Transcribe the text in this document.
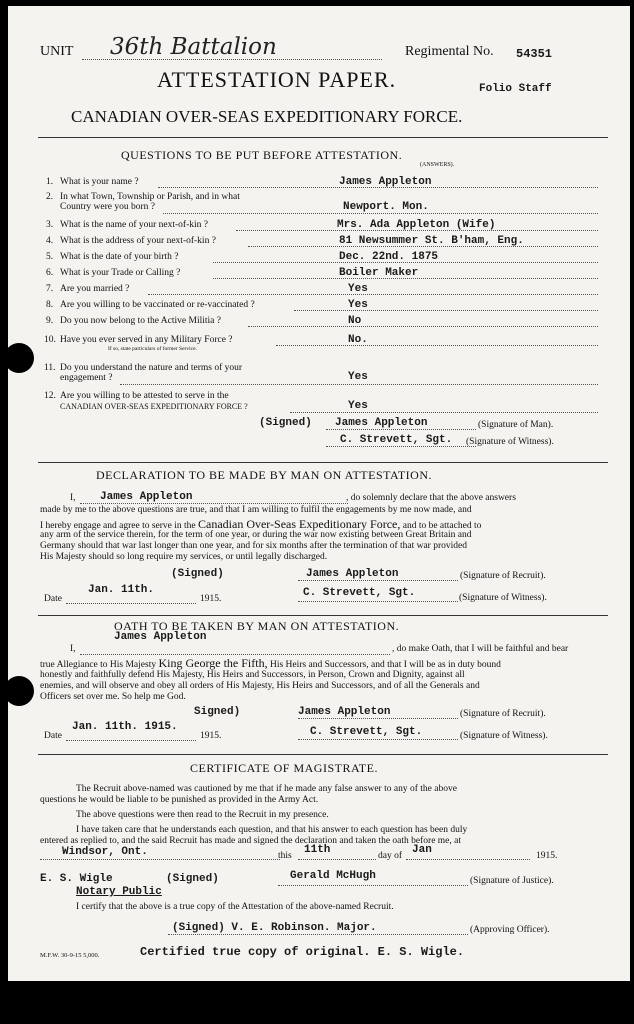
UNIT 36th Battalion	Regimental No. 54351
ATTESTATION PAPER.	Folio Staff
CANADIAN OVER-SEAS EXPEDITIONARY FORCE.
QUESTIONS TO BE PUT BEFORE ATTESTATION.
(ANSWERS).
1. What is your name ?	James Appleton
2. In what Town, Township or Parish, and in what
Country were you born ?	Newport. Mon.
3. What is the name of your next-of-kin ?	Mrs. Ada Appleton (Wife)
4. What is the address of your next-of-kin ?	81 Newsummer St. B'ham, Eng.
5. What is the date of your birth ?	Dec. 22nd. 1875
6. What is your Trade or Calling ?	Boiler Maker
7. Are you married ?	Yes
8. Are you willing to be vaccinated or re-vaccinated ?	Yes
9. Do you now belong to the Active Militia ?	No
10. Have you ever served in any Military Force ?
If so, state particulars of former Service.
No.
11. Do you understand the nature and terms of your
engagement ?	Yes
12. Are you willing to be attested to serve in the
CANADIAN OVER-SEAS EXPEDITIONARY FORCE ?	Yes
(Signed) James Appleton	(Signature of Man).
C. Strevett, Sgt. (Signature of Witness).
DECLARATION TO BE MADE BY MAN ON ATTESTATION.
I, James Appleton	, do solemnly declare that the above answers
made by me to the above questions are true, and that I am willing to fulfil the engagements by me now made, and
I hereby engage and agree to serve in the Canadian Over-Seas Expeditionary Force, and to be attached to
any arm of the service therein, for the term of one year, or during the war now existing between Great Britain and
Germany should that war last longer than one year, and for six months after the termination of that war provided
His Majesty should so long require my services, or until legally discharged.
(Signed)	James Appleton	(Signature of Recruit).
Date
Jan. 11th.
1915.	C. Strevett, Sgt.	(Signature of Witness).
OATH TO BE TAKEN BY MAN ON ATTESTATION.
James Appleton
I,	, do make Oath, that I will be faithful and bear
true Allegiance to His Majesty King George the Fifth, His Heirs and Successors, and that I will be as in duty bound
honestly and faithfully defend His Majesty, His Heirs and Successors, in Person, Crown and Dignity, against all
enemies, and will observe and obey all orders of His Majesty, His Heirs and Successors, and of all the Generals and
Officers set over me. So help me God.
Signed)	James Appleton	(Signature of Recruit).
Date
Jan. 11th. 1915.
1915.	C. Strevett, Sgt.	(Signature of Witness).
CERTIFICATE OF MAGISTRATE.
The Recruit above-named was cautioned by me that if he made any false answer to any of the above
questions he would be liable to be punished as provided in the Army Act.
The above questions were then read to the Recruit in my presence.
I have taken care that he understands each question, and that his answer to each question has been duly
entered as replied to, and the said Recruit has made and signed the declaration and taken the oath before me, at
Windsor, Ont.	this 11th	day of Jan	1915.
E. S. Wigle	(Signed)	Gerald McHugh	(Signature of Justice).
Notary Public
I certify that the above is a true copy of the Attestation of the above-named Recruit.
(Signed) V. E. Robinson. Major.	(Approving Officer).
M.F.W. 30-9-15 5,000.	Certified true copy of original. E. S. Wigle.
